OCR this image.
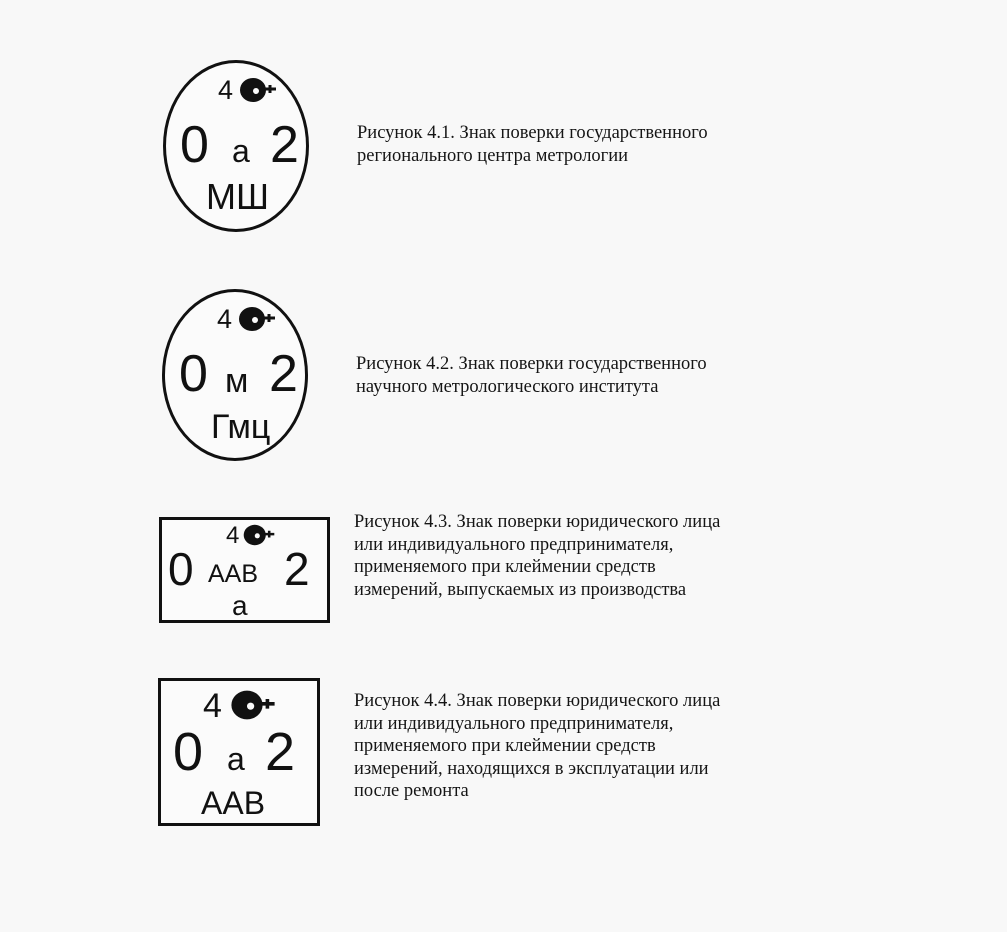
4
0 a 2
МШ
Рисунок 4.1. Знак поверки государственного
регионального центра метрологии
4
0 м 2
Гмц
Рисунок 4.2. Знак поверки государственного
научного метрологического института
4
0 ААВ 2
a
Рисунок 4.3. Знак поверки юридического лица
или индивидуального предпринимателя,
применяемого при клеймении средств
измерений, выпускаемых из производства
4
0 a 2
ААВ
Рисунок 4.4. Знак поверки юридического лица
или индивидуального предпринимателя,
применяемого при клеймении средств
измерений, находящихся в эксплуатации или
после ремонта
